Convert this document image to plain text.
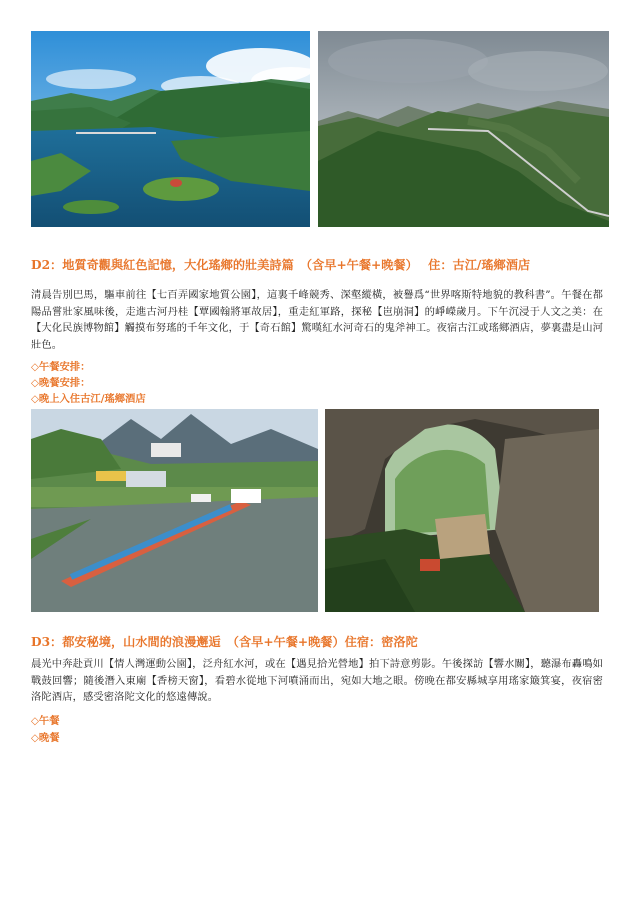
D2：地質奇觀與紅色記憶，大化瑤鄉的壯美詩篇　（含早+午餐+晚餐）　 住：古江/瑤鄉酒店

清晨告別巴馬，驅車前往【七百弄國家地質公園】，這裏千峰競秀、深壑縱橫，被譽爲“世界喀斯特地貌的教科書”。午餐在都陽品嘗壯家風味後，走進古河丹桂【覃國翰將軍故居】，重走紅軍路，探秘【岜崩洞】的崢嶸歲月。下午沉浸于人文之美：在【大化民族博物館】觸摸布努瑤的千年文化，于【奇石館】驚嘆紅水河奇石的鬼斧神工。夜宿古江或瑤鄉酒店，夢裏盡是山河壯色。

◇午餐安排：

◇晚餐安排：

◇晚上入住古江/瑤鄉酒店

D3：都安秘境，山水間的浪漫邂逅　（含早+午餐+晚餐）住宿：密洛陀

晨光中奔赴貢川【情人灣運動公園】，泛舟紅水河，或在【遇見拾光營地】拍下詩意剪影。午後探訪【響水關】，聽瀑布轟鳴如戰鼓回響；隨後潛入東廟【香榜天窗】，看碧水從地下河噴涌而出，宛如大地之眼。傍晚在都安縣城享用瑤家簸箕宴，夜宿密洛陀酒店，感受密洛陀文化的悠遠傳說。

◇午餐

◇晚餐
